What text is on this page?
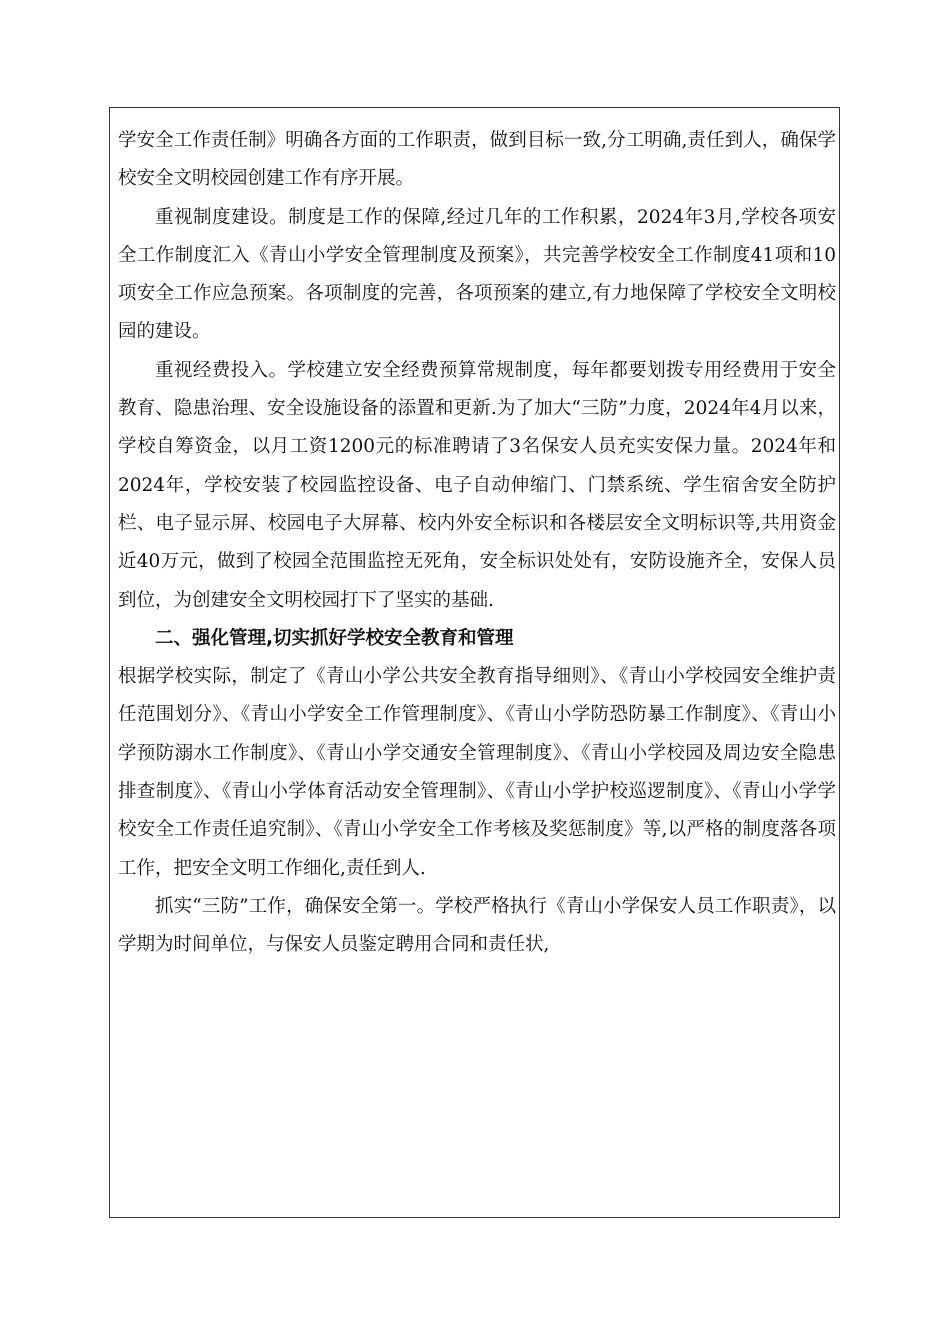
学安全工作责任制》明确各方面的工作职责，做到目标一致,分工明确,责任到人，确保学校安全文明校园创建工作有序开展。

重视制度建设。制度是工作的保障,经过几年的工作积累，2024年3月,学校各项安全工作制度汇入《青山小学安全管理制度及预案》，共完善学校安全工作制度41项和10项安全工作应急预案。各项制度的完善，各项预案的建立,有力地保障了学校安全文明校园的建设。

重视经费投入。学校建立安全经费预算常规制度，每年都要划拨专用经费用于安全教育、隐患治理、安全设施设备的添置和更新.为了加大“三防”力度，2024年4月以来，学校自筹资金，以月工资1200元的标准聘请了3名保安人员充实安保力量。2024年和2024年，学校安装了校园监控设备、电子自动伸缩门、门禁系统、学生宿舍安全防护栏、电子显示屏、校园电子大屏幕、校内外安全标识和各楼层安全文明标识等,共用资金近40万元，做到了校园全范围监控无死角，安全标识处处有，安防设施齐全，安保人员到位，为创建安全文明校园打下了坚实的基础.

二、强化管理,切实抓好学校安全教育和管理

根据学校实际，制定了《青山小学公共安全教育指导细则》、《青山小学校园安全维护责任范围划分》、《青山小学安全工作管理制度》、《青山小学防恐防暴工作制度》、《青山小学预防溺水工作制度》、《青山小学交通安全管理制度》、《青山小学校园及周边安全隐患排查制度》、《青山小学体育活动安全管理制》、《青山小学护校巡逻制度》、《青山小学学校安全工作责任追究制》、《青山小学安全工作考核及奖惩制度》等,以严格的制度落各项工作，把安全文明工作细化,责任到人.

抓实“三防”工作，确保安全第一。学校严格执行《青山小学保安人员工作职责》，以学期为时间单位，与保安人员鉴定聘用合同和责任状,
